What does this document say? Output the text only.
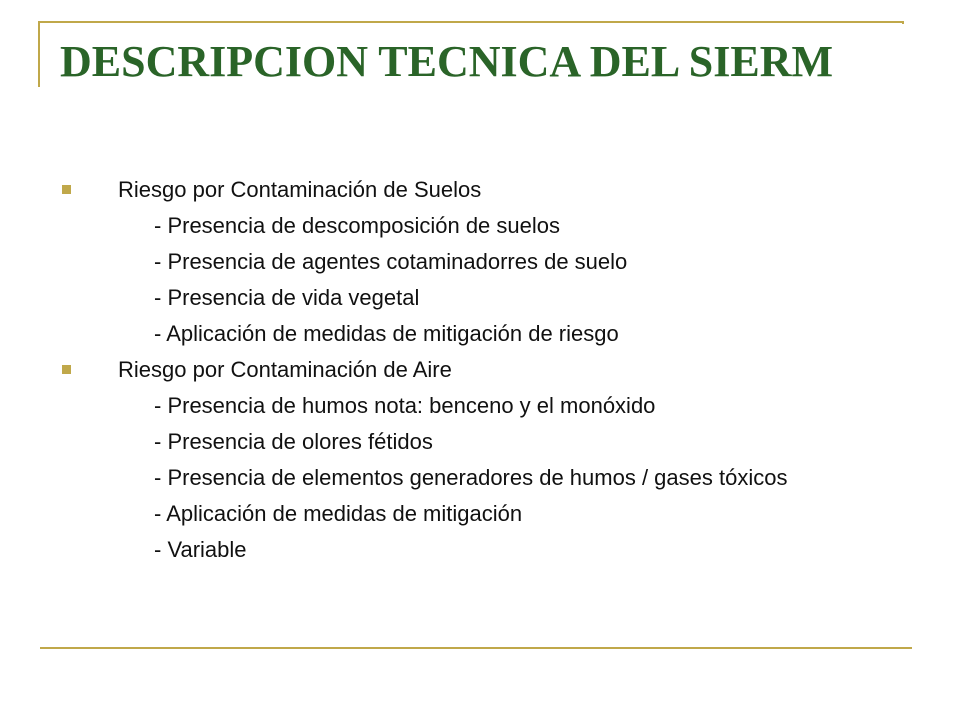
DESCRIPCION TECNICA DEL SIERM
Riesgo por Contaminación de Suelos
- Presencia de descomposición de suelos
- Presencia de agentes cotaminadorres de suelo
- Presencia de vida vegetal
- Aplicación de medidas de mitigación de riesgo
Riesgo por Contaminación de Aire
- Presencia de humos nota: benceno y el monóxido
- Presencia de olores fétidos
- Presencia de elementos generadores de humos / gases tóxicos
- Aplicación de medidas de mitigación
- Variable
